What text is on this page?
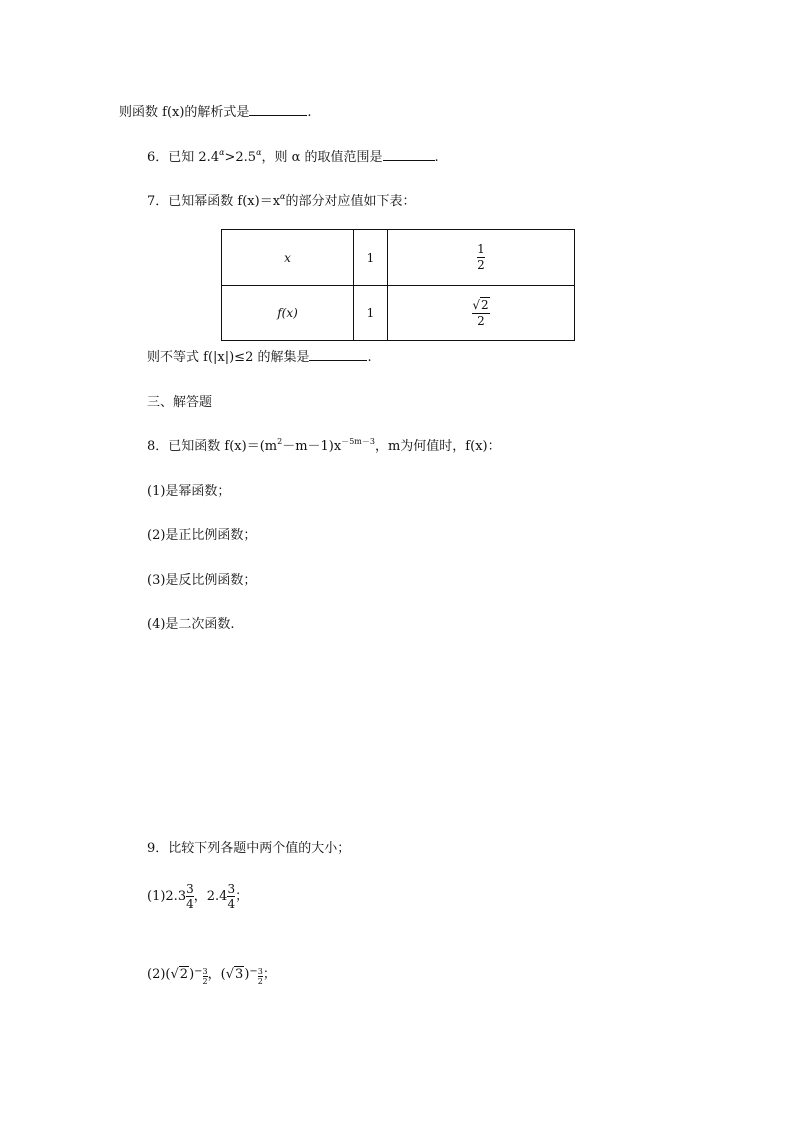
则函数 f(x)的解析式是	.
6．已知 $2.4^\alpha>2.5^\alpha$，则 α 的取值范围是	.
7．已知幂函数 $f(x)=x^\alpha$的部分对应值如下表：
x	1	$\frac{1}{2}$

f(x)	1	$\frac{√2}{2}$
则不等式 f(|x|)≤2 的解集是	.
三、解答题
8．已知函数 $f(x)=(m^2-m-1)x^{-5m-3}$，m为何值时，f(x)：
(1)是幂函数；
(2)是正比例函数；
(3)是反比例函数；
(4)是二次函数.
9．比较下列各题中两个值的大小；
$(1)2.3 \frac{3}{4}$ ，$2.4 \frac{3}{4}$ ；
$(2)(√2)^- \frac{3}{2}$ ，$(√3)^- \frac{3}{2}$ ；
